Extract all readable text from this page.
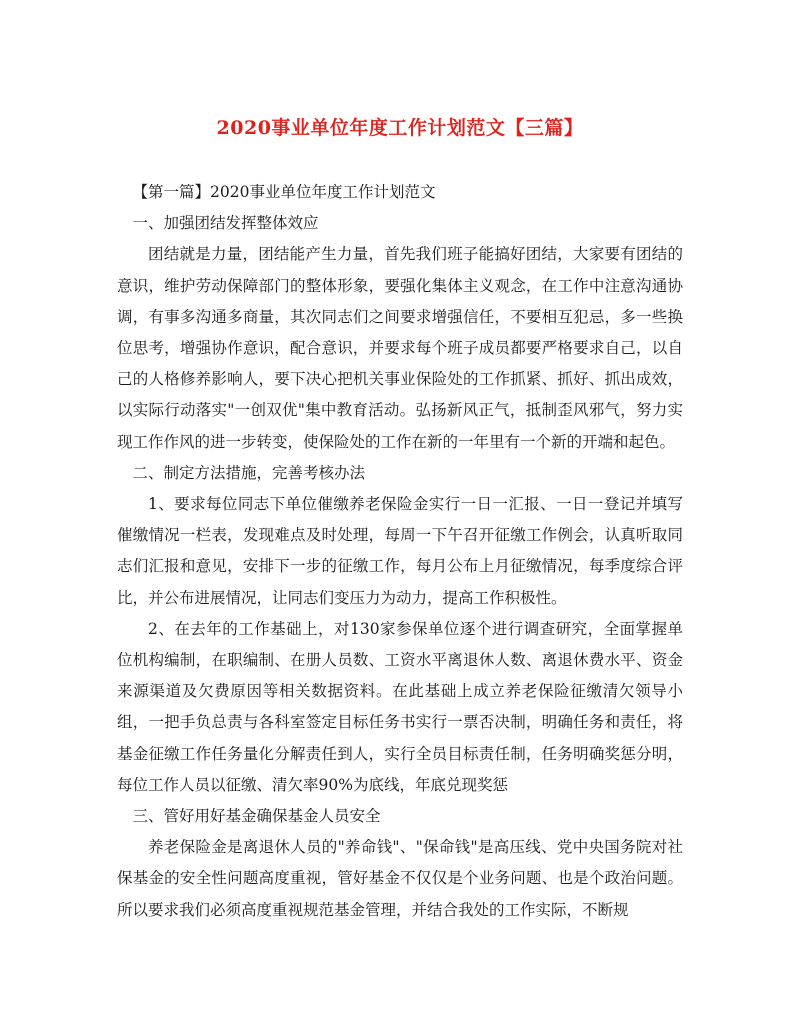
2020事业单位年度工作计划范文【三篇】

【第一篇】2020事业单位年度工作计划范文

一、加强团结发挥整体效应

团结就是力量，团结能产生力量，首先我们班子能搞好团结，大家要有团结的意识，维护劳动保障部门的整体形象，要强化集体主义观念，在工作中注意沟通协调，有事多沟通多商量，其次同志们之间要求增强信任，不要相互犯忌，多一些换位思考，增强协作意识，配合意识，并要求每个班子成员都要严格要求自己，以自己的人格修养影响人，要下决心把机关事业保险处的工作抓紧、抓好、抓出成效，以实际行动落实"一创双优"集中教育活动。弘扬新风正气，抵制歪风邪气，努力实现工作作风的进一步转变，使保险处的工作在新的一年里有一个新的开端和起色。

二、制定方法措施，完善考核办法

1、要求每位同志下单位催缴养老保险金实行一日一汇报、一日一登记并填写催缴情况一栏表，发现难点及时处理，每周一下午召开征缴工作例会，认真听取同志们汇报和意见，安排下一步的征缴工作，每月公布上月征缴情况，每季度综合评比，并公布进展情况，让同志们变压力为动力，提高工作积极性。

2、在去年的工作基础上，对130家参保单位逐个进行调查研究，全面掌握单位机构编制，在职编制、在册人员数、工资水平离退休人数、离退休费水平、资金来源渠道及欠费原因等相关数据资料。在此基础上成立养老保险征缴清欠领导小组，一把手负总责与各科室签定目标任务书实行一票否决制，明确任务和责任，将基金征缴工作任务量化分解责任到人，实行全员目标责任制，任务明确奖惩分明，每位工作人员以征缴、清欠率90%为底线，年底兑现奖惩

三、管好用好基金确保基金人员安全

养老保险金是离退休人员的"养命钱"、"保命钱"是高压线、党中央国务院对社保基金的安全性问题高度重视，管好基金不仅仅是个业务问题、也是个政治问题。所以要求我们必须高度重视规范基金管理，并结合我处的工作实际，不断规
